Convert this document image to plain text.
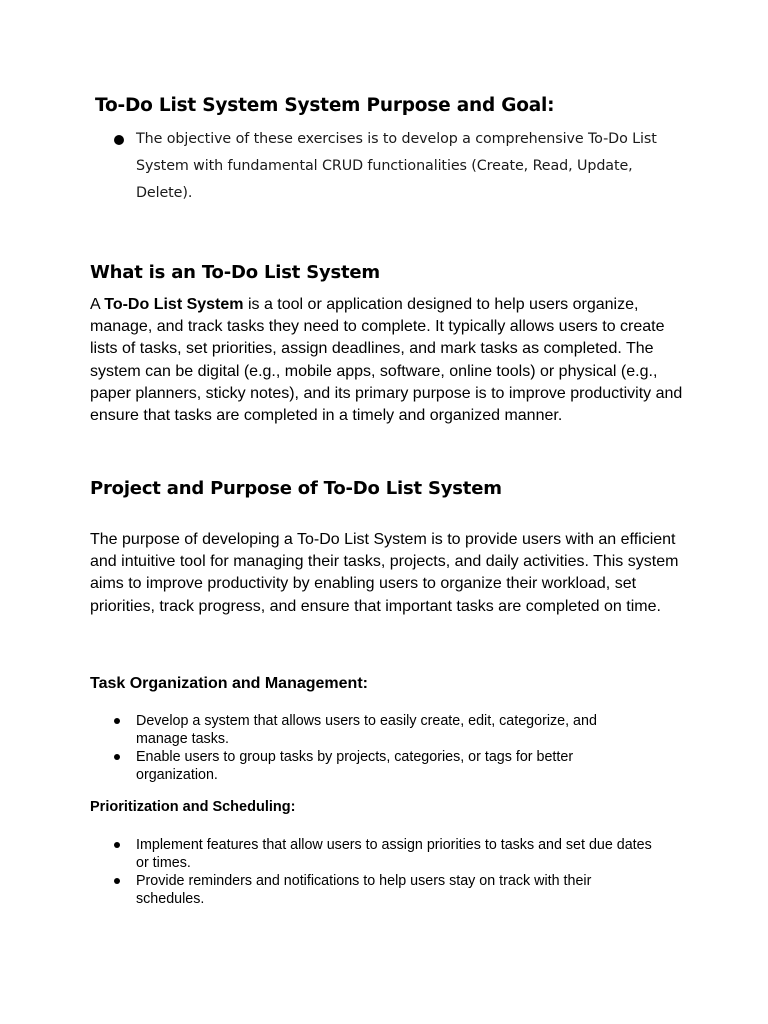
To-Do List System System Purpose and Goal:
The objective of these exercises is to develop a comprehensive To-Do List System with fundamental CRUD functionalities (Create, Read, Update, Delete).
What is an To-Do List System

A To-Do List System is a tool or application designed to help users organize, manage, and track tasks they need to complete. It typically allows users to create lists of tasks, set priorities, assign deadlines, and mark tasks as completed. The system can be digital (e.g., mobile apps, software, online tools) or physical (e.g., paper planners, sticky notes), and its primary purpose is to improve productivity and ensure that tasks are completed in a timely and organized manner.

Project and Purpose of To-Do List System

The purpose of developing a To-Do List System is to provide users with an efficient and intuitive tool for managing their tasks, projects, and daily activities. This system aims to improve productivity by enabling users to organize their workload, set priorities, track progress, and ensure that important tasks are completed on time.

Task Organization and Management:
Develop a system that allows users to easily create, edit, categorize, and manage tasks.
Enable users to group tasks by projects, categories, or tags for better organization.
Prioritization and Scheduling:
Implement features that allow users to assign priorities to tasks and set due dates or times.
Provide reminders and notifications to help users stay on track with their schedules.
